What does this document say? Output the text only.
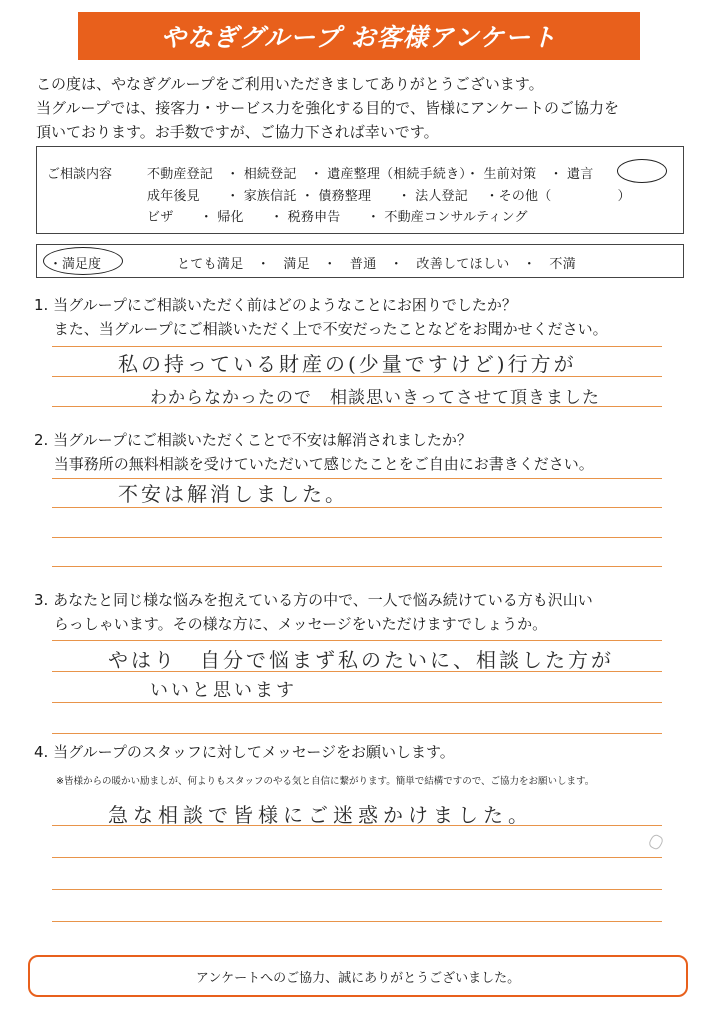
やなぎグループ お客様アンケート
この度は、やなぎグループをご利用いただきましてありがとうございます。
当グループでは、接客力・サービス力を強化する目的で、皆様にアンケートのご協力を
頂いております。お手数ですが、ご協力下されば幸いです。
ご相談内容	不動産登記　・ 相続登記　・ 遺産整理（相続手続き）・ 生前対策　・ 遺言
成年後見　　・ 家族信託 ・ 債務整理　　・ 法人登記　 ・その他（　　　　　）
ビザ　　・ 帰化　　・ 税務申告　　・ 不動産コンサルティング
・満足度	とても満足　・　満足　・　普通　・　改善してほしい　・　不満
1. 当グループにご相談いただく前はどのようなことにお困りでしたか？
　 また、当グループにご相談いただく上で不安だったことなどをお聞かせください。
私の持っている財産の(少量ですけど)行方が
わからなかったので　相談思いきってさせて頂きました
2. 当グループにご相談いただくことで不安は解消されましたか？
　 当事務所の無料相談を受けていただいて感じたことをご自由にお書きください。
不安は解消しました。
3. あなたと同じ様な悩みを抱えている方の中で、一人で悩み続けている方も沢山い
　 らっしゃいます。その様な方に、メッセージをいただけますでしょうか。
やはり　自分で悩まず私のたいに、相談した方が
いいと思います
4. 当グループのスタッフに対してメッセージをお願いします。
※皆様からの暖かい励ましが、何よりもスタッフのやる気と自信に繋がります。簡単で結構ですので、ご協力をお願いします。
急な相談で皆様にご迷惑かけました。
アンケートへのご協力、誠にありがとうございました。
